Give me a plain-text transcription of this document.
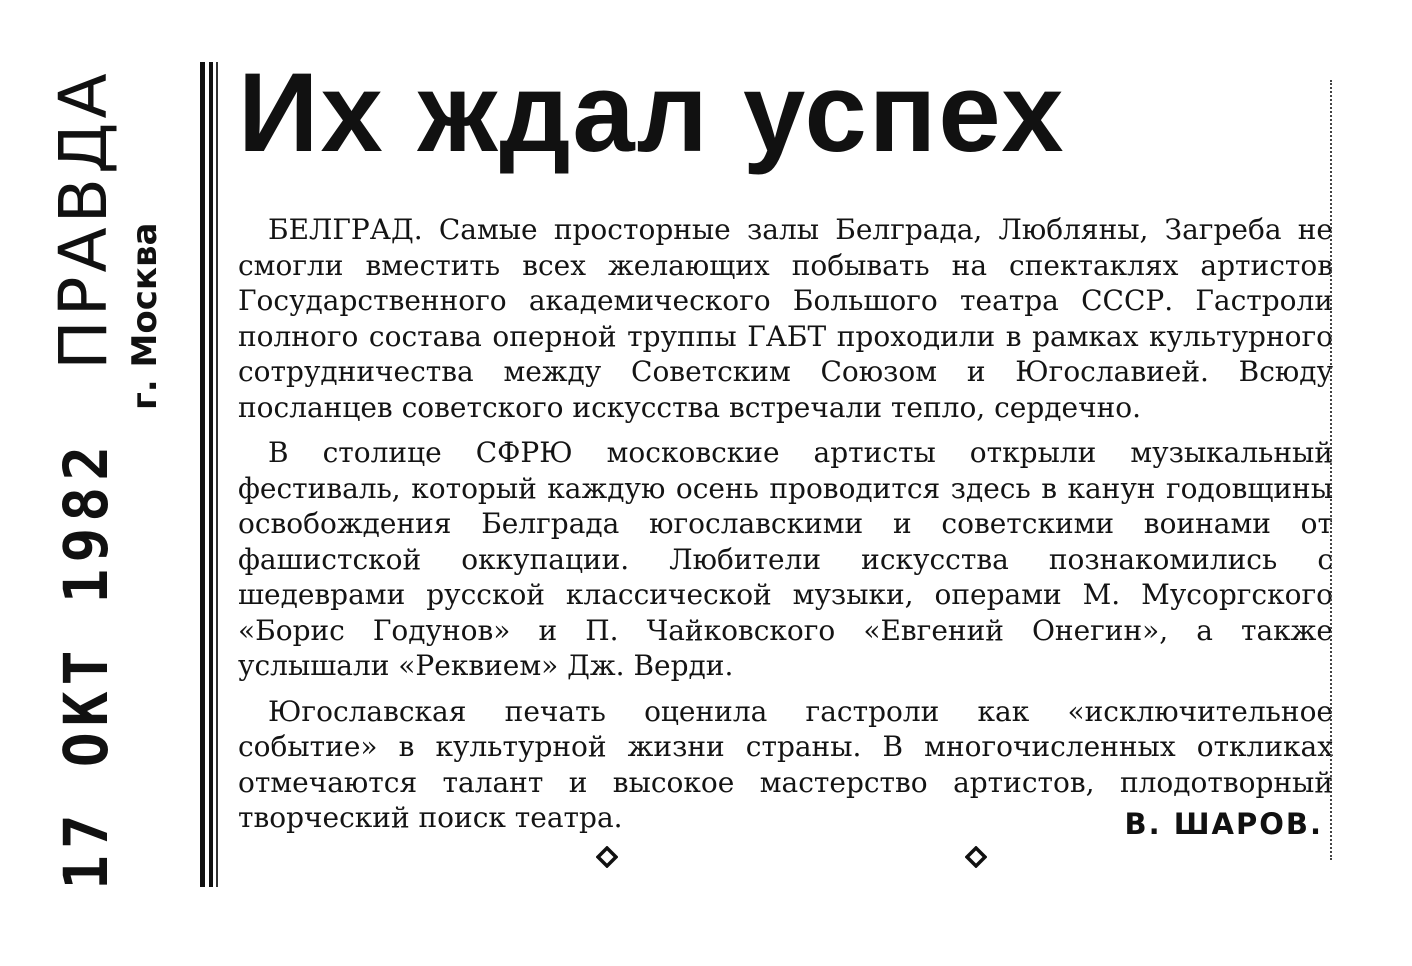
17 ОКТ 1982
ПРАВДА г. Москва
Их ждал успех

БЕЛГРАД. Самые просторные залы Белграда, Любляны, Загреба не смогли вместить всех желающих побывать на спектаклях артистов Государственного академического Большого театра СССР. Гастроли полного состава оперной труппы ГАБТ проходили в рамках культурного сотрудничества между Советским Союзом и Югославией. Всюду посланцев советского искусства встречали тепло, сердечно.

В столице СФРЮ московские артисты открыли музыкальный фестиваль, который каждую осень проводится здесь в канун годовщины освобождения Белграда югославскими и советскими воинами от фашистской оккупации. Любители искусства познакомились с шедеврами русской классической музыки, операми М. Мусоргского «Борис Годунов» и П. Чайковского «Евгений Онегин», а также услышали «Реквием» Дж. Верди.

Югославская печать оценила гастроли как «исключительное событие» в культурной жизни страны. В многочисленных откликах отмечаются талант и высокое мастерство артистов, плодотворный творческий поиск театра.	В. ШАРОВ.
